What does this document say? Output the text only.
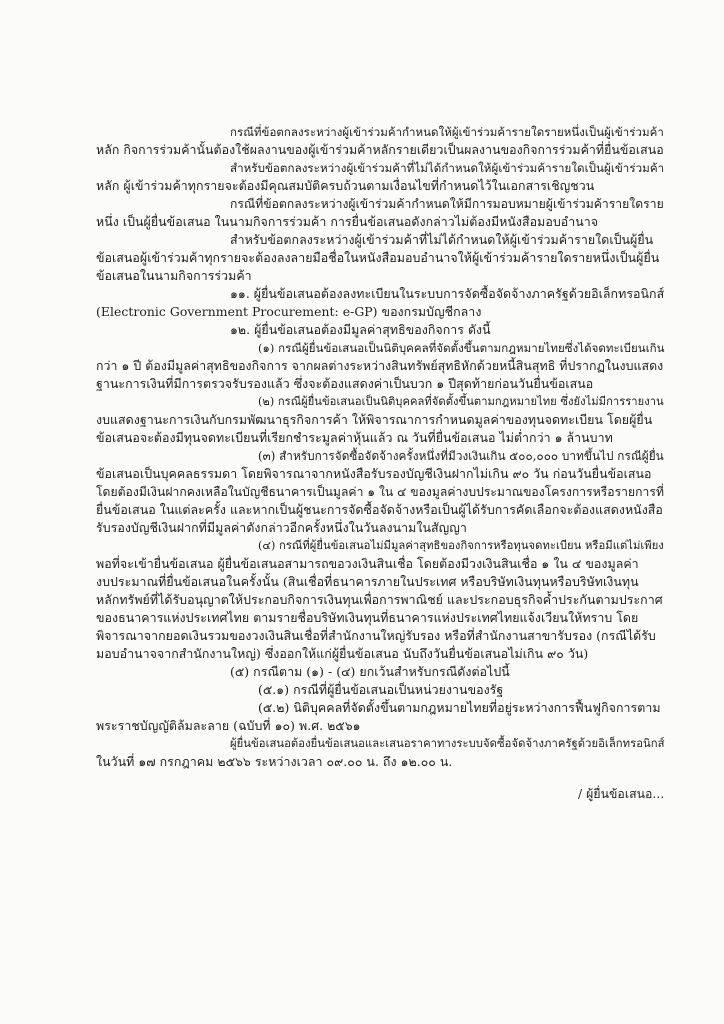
กรณีที่ข้อตกลงระหว่างผู้เข้าร่วมค้ากำหนดให้ผู้เข้าร่วมค้ารายใดรายหนึ่งเป็นผู้เข้าร่วมค้า
หลัก กิจการร่วมค้านั้นต้องใช้ผลงานของผู้เข้าร่วมค้าหลักรายเดียวเป็นผลงานของกิจการร่วมค้าที่ยื่นข้อเสนอ
สำหรับข้อตกลงระหว่างผู้เข้าร่วมค้าที่ไม่ได้กำหนดให้ผู้เข้าร่วมค้ารายใดเป็นผู้เข้าร่วมค้า
หลัก ผู้เข้าร่วมค้าทุกรายจะต้องมีคุณสมบัติครบถ้วนตามเงื่อนไขที่กำหนดไว้ในเอกสารเชิญชวน
กรณีที่ข้อตกลงระหว่างผู้เข้าร่วมค้ากำหนดให้มีการมอบหมายผู้เข้าร่วมค้ารายใดราย
หนึ่ง เป็นผู้ยื่นข้อเสนอ ในนามกิจการร่วมค้า การยื่นข้อเสนอดังกล่าวไม่ต้องมีหนังสือมอบอำนาจ
สำหรับข้อตกลงระหว่างผู้เข้าร่วมค้าที่ไม่ได้กำหนดให้ผู้เข้าร่วมค้ารายใดเป็นผู้ยื่น
ข้อเสนอผู้เข้าร่วมค้าทุกรายจะต้องลงลายมือชื่อในหนังสือมอบอำนาจให้ผู้เข้าร่วมค้ารายใดรายหนึ่งเป็นผู้ยื่น
ข้อเสนอในนามกิจการร่วมค้า
๑๑. ผู้ยื่นข้อเสนอต้องลงทะเบียนในระบบการจัดซื้อจัดจ้างภาครัฐด้วยอิเล็กทรอนิกส์
(Electronic Government Procurement: e-GP) ของกรมบัญชีกลาง
๑๒. ผู้ยื่นข้อเสนอต้องมีมูลค่าสุทธิของกิจการ ดังนี้
(๑) กรณีผู้ยื่นข้อเสนอเป็นนิติบุคคลที่จัดตั้งขึ้นตามกฎหมายไทยซึ่งได้จดทะเบียนเกิน
กว่า ๑ ปี ต้องมีมูลค่าสุทธิของกิจการ จากผลต่างระหว่างสินทรัพย์สุทธิหักด้วยหนี้สินสุทธิ ที่ปรากฏในงบแสดง
ฐานะการเงินที่มีการตรวจรับรองแล้ว ซึ่งจะต้องแสดงค่าเป็นบวก ๑ ปีสุดท้ายก่อนวันยื่นข้อเสนอ
(๒) กรณีผู้ยื่นข้อเสนอเป็นนิติบุคคลที่จัดตั้งขึ้นตามกฎหมายไทย ซึ่งยังไม่มีการรายงาน
งบแสดงฐานะการเงินกับกรมพัฒนาธุรกิจการค้า ให้พิจารณาการกำหนดมูลค่าของทุนจดทะเบียน โดยผู้ยื่น
ข้อเสนอจะต้องมีทุนจดทะเบียนที่เรียกชำระมูลค่าหุ้นแล้ว ณ วันที่ยื่นข้อเสนอ ไม่ต่ำกว่า ๑ ล้านบาท
(๓) สำหรับการจัดซื้อจัดจ้างครั้งหนึ่งที่มีวงเงินเกิน ๕๐๐,๐๐๐ บาทขึ้นไป กรณีผู้ยื่น
ข้อเสนอเป็นบุคคลธรรมดา โดยพิจารณาจากหนังสือรับรองบัญชีเงินฝากไม่เกิน ๙๐ วัน ก่อนวันยื่นข้อเสนอ
โดยต้องมีเงินฝากคงเหลือในบัญชีธนาคารเป็นมูลค่า ๑ ใน ๔ ของมูลค่างบประมาณของโครงการหรือรายการที่
ยื่นข้อเสนอ ในแต่ละครั้ง และหากเป็นผู้ชนะการจัดซื้อจัดจ้างหรือเป็นผู้ได้รับการคัดเลือกจะต้องแสดงหนังสือ
รับรองบัญชีเงินฝากที่มีมูลค่าดังกล่าวอีกครั้งหนึ่งในวันลงนามในสัญญา
(๔) กรณีที่ผู้ยื่นข้อเสนอไม่มีมูลค่าสุทธิของกิจการหรือทุนจดทะเบียน หรือมีแต่ไม่เพียง
พอที่จะเข้ายื่นข้อเสนอ ผู้ยื่นข้อเสนอสามารถขอวงเงินสินเชื่อ โดยต้องมีวงเงินสินเชื่อ ๑ ใน ๔ ของมูลค่า
งบประมาณที่ยื่นข้อเสนอในครั้งนั้น (สินเชื่อที่ธนาคารภายในประเทศ หรือบริษัทเงินทุนหรือบริษัทเงินทุน
หลักทรัพย์ที่ได้รับอนุญาตให้ประกอบกิจการเงินทุนเพื่อการพาณิชย์ และประกอบธุรกิจค้ำประกันตามประกาศ
ของธนาคารแห่งประเทศไทย ตามรายชื่อบริษัทเงินทุนที่ธนาคารแห่งประเทศไทยแจ้งเวียนให้ทราบ โดย
พิจารณาจากยอดเงินรวมของวงเงินสินเชื่อที่สำนักงานใหญ่รับรอง หรือที่สำนักงานสาขารับรอง (กรณีได้รับ
มอบอำนาจจากสำนักงานใหญ่) ซึ่งออกให้แก่ผู้ยื่นข้อเสนอ นับถึงวันยื่นข้อเสนอไม่เกิน ๙๐ วัน)
(๕) กรณีตาม (๑) - (๔) ยกเว้นสำหรับกรณีดังต่อไปนี้
(๕.๑) กรณีที่ผู้ยื่นข้อเสนอเป็นหน่วยงานของรัฐ
(๕.๒) นิติบุคคลที่จัดตั้งขึ้นตามกฎหมายไทยที่อยู่ระหว่างการฟื้นฟูกิจการตาม
พระราชบัญญัติล้มละลาย (ฉบับที่ ๑๐) พ.ศ. ๒๕๖๑
ผู้ยื่นข้อเสนอต้องยื่นข้อเสนอและเสนอราคาทางระบบจัดซื้อจัดจ้างภาครัฐด้วยอิเล็กทรอนิกส์
ในวันที่ ๑๗ กรกฎาคม ๒๕๖๖ ระหว่างเวลา ๐๙.๐๐ น. ถึง ๑๒.๐๐ น.
/ ผู้ยื่นข้อเสนอ...
